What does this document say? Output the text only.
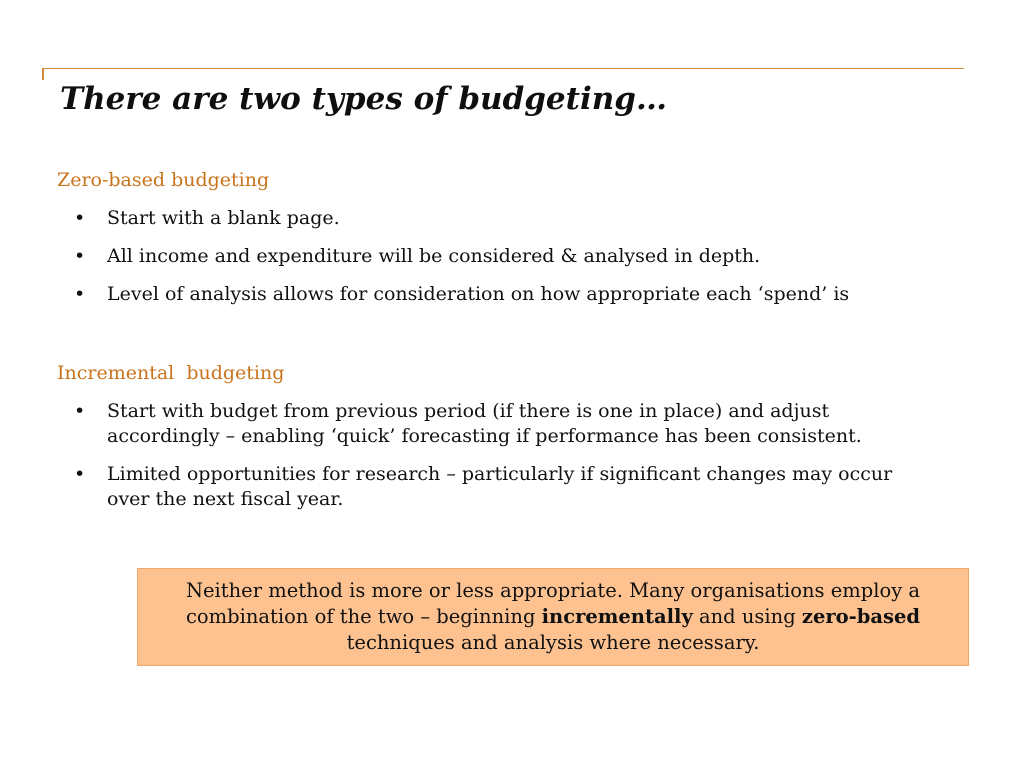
There are two types of budgeting…
Zero-based budgeting
• Start with a blank page.
• All income and expenditure will be considered & analysed in depth.
• Level of analysis allows for consideration on how appropriate each ‘spend’ is
Incremental  budgeting
• Start with budget from previous period (if there is one in place) and adjust accordingly – enabling ‘quick’ forecasting if performance has been consistent.
• Limited opportunities for research – particularly if significant changes may occur over the next fiscal year.
Neither method is more or less appropriate. Many organisations employ a combination of the two – beginning incrementally and using zero-based techniques and analysis where necessary.
